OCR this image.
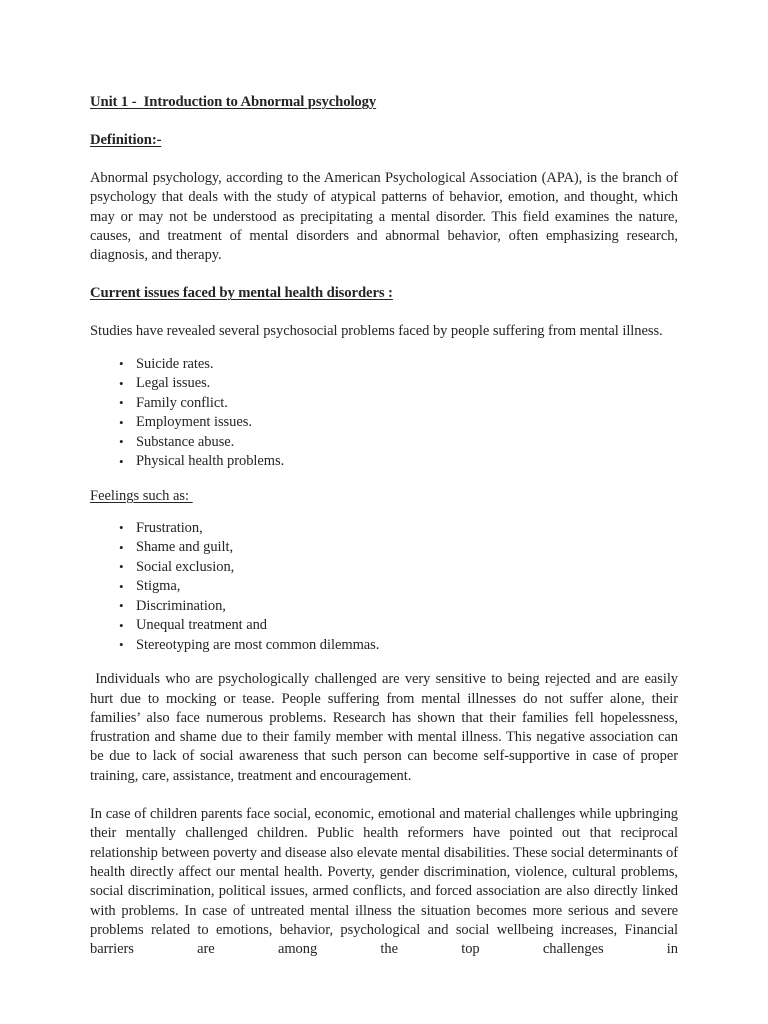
Unit 1 -  Introduction to Abnormal psychology
Definition:-

Abnormal psychology, according to the American Psychological Association (APA), is the branch of psychology that deals with the study of atypical patterns of behavior, emotion, and thought, which may or may not be understood as precipitating a mental disorder. This field examines the nature, causes, and treatment of mental disorders and abnormal behavior, often emphasizing research, diagnosis, and therapy.

Current issues faced by mental health disorders :

Studies have revealed several psychosocial problems faced by people suffering from mental illness.

• Suicide rates.
• Legal issues.
• Family conflict.
• Employment issues.
• Substance abuse.
• Physical health problems.
Feelings such as:
• Frustration,
• Shame and guilt,
• Social exclusion,
• Stigma,
• Discrimination,
• Unequal treatment and
• Stereotyping are most common dilemmas.

Individuals who are psychologically challenged are very sensitive to being rejected and are easily hurt due to mocking or tease. People suffering from mental illnesses do not suffer alone, their families’ also face numerous problems. Research has shown that their families fell hopelessness, frustration and shame due to their family member with mental illness. This negative association can be due to lack of social awareness that such person can become self-supportive in case of proper training, care, assistance, treatment and encouragement.

In case of children parents face social, economic, emotional and material challenges while upbringing their mentally challenged children. Public health reformers have pointed out that reciprocal relationship between poverty and disease also elevate mental disabilities. These social determinants of health directly affect our mental health. Poverty, gender discrimination, violence, cultural problems, social discrimination, political issues, armed conflicts, and forced association are also directly linked with problems. In case of untreated mental illness the situation becomes more serious and severe problems related to emotions, behavior, psychological and social wellbeing increases, Financial barriers are among the top challenges in
